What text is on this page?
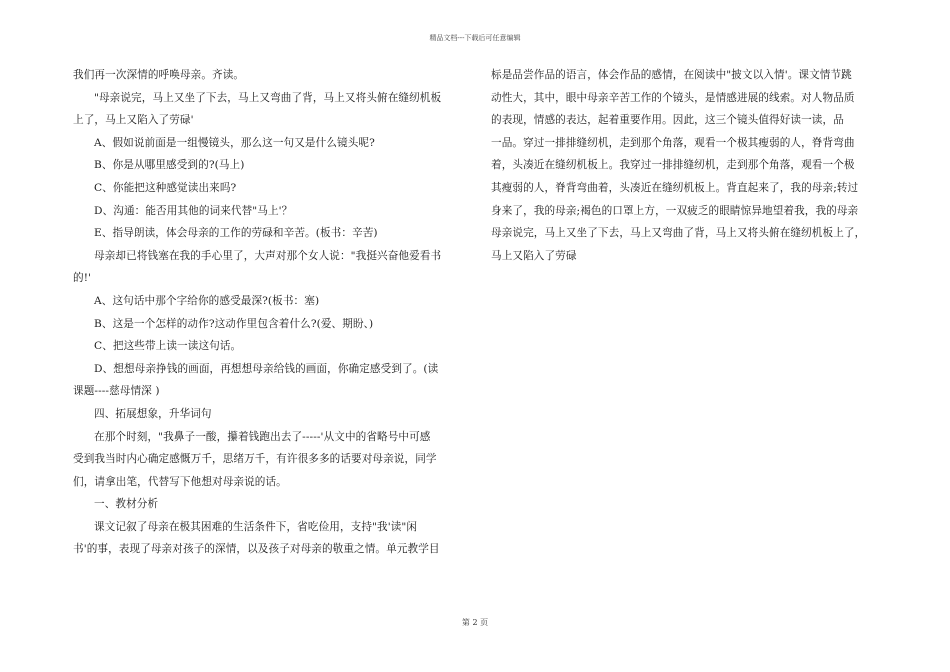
精品文档---下载后可任意编辑

我们再一次深情的呼唤母亲。齐读。

"母亲说完，马上又坐了下去，马上又弯曲了背，马上又将头俯在缝纫机板

上了，马上又陷入了劳碌'

A、假如说前面是一组慢镜头，那么这一句又是什么镜头呢?

B、你是从哪里感受到的?(马上)

C、你能把这种感觉读出来吗?

D、沟通：能否用其他的词来代替"马上'？

E、指导朗读，体会母亲的工作的劳碌和辛苦。(板书：辛苦)

母亲却已将钱塞在我的手心里了，大声对那个女人说："我挺兴奋他爱看书

的!'

A、这句话中那个字给你的感受最深?(板书：塞)

B、这是一个怎样的动作?这动作里包含着什么?(爱、期盼、)

C、把这些带上读一读这句话。

D、想想母亲挣钱的画面，再想想母亲给钱的画面，你确定感受到了。(读

课题----慈母情深 )

四、拓展想象，升华词句

在那个时刻，"我鼻子一酸，攥着钱跑出去了-----'从文中的省略号中可感

受到我当时内心确定感慨万千，思绪万千，有许很多多的话要对母亲说，同学

们，请拿出笔，代替写下他想对母亲说的话。

一、教材分析

课文记叙了母亲在极其困难的生活条件下，省吃俭用，支持"我'读"闲

书'的事，表现了母亲对孩子的深情，以及孩子对母亲的敬重之情。单元教学目

标是品尝作品的语言，体会作品的感情，在阅读中"披文以入情'。课文情节跳

动性大，其中，眼中母亲辛苦工作的个镜头，是情感进展的线索。对人物品质

的表现，情感的表达，起着重要作用。因此，这三个镜头值得好读一读，品

一品。穿过一排排缝纫机，走到那个角落，观看一个极其瘦弱的人，脊背弯曲

着，头凑近在缝纫机板上。我穿过一排排缝纫机，走到那个角落，观看一个极

其瘦弱的人，脊背弯曲着，头凑近在缝纫机板上。背直起来了，我的母亲;转过

身来了，我的母亲;褐色的口罩上方，一双疲乏的眼睛惊异地望着我，我的母亲

母亲说完，马上又坐了下去，马上又弯曲了背，马上又将头俯在缝纫机板上了，

马上又陷入了劳碌

第 2 页
